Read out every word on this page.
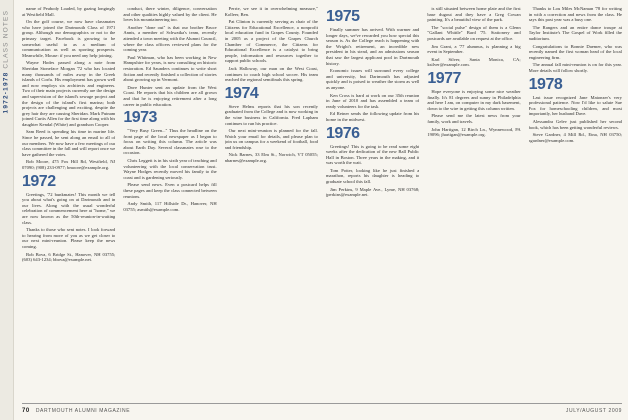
1972-1978 CLASS NOTES

name of Peabody Loaded, by gazing longingly at Westfield Mall.

On the golf course, we now have classmates who have joined the Dartmouth Class of 1971 group. Although our demographics or not to the primary target. Facebook is growing to be somewhat useful to as a medium of communication as well as sporting prospects. Meanwhile, Mouse: if you need any help joining.

Wayne Hodes passed along a note from Sheridan Stoneface Morgan '72 who has located many thousands of miles away in the Greek islands of Corfu. His employment has grown well and now employs six architects and engineers. Two of their main projects currently are the design and supervision of the island's sewage project and the design of the island's first marina; both projects are challenging and exciting, despite the grey hair they are causing Sheridan. Mark Putnam joined Curtis Allen for the first time along with his daughter Kendal (White) and grandson Cooper.

Sam Reed is spending his time in marine life. Since he passed, he sent along an email to all of our members. We now have a few meetings of our class committee in the fall and will report once we have gathered the votes.

Bob Moore, 475 Fox Hill Rd, Westfield, NJ 07090; (908) 233-0977; bmoore@example.org.

1972

Greetings, '72 bunkmates! This month we tell you about what's going on at Dartmouth and in our lives. Along with the usual wonderful celebration of commencement here at "home," we are now known as the 50th-reunion-in-waiting class.

Thanks to those who sent notes. I look forward to hearing from more of you as we get closer to our next mini-reunion. Please keep the news coming.

Bob Bova, 6 Bridge St., Hanover, NH 03755; (603) 643-1234; bbova@example.net.

conduct, there winter, diligence, conversation and other qualities highly valued by the client. He loves his mountaineering too.

Another "done out" is that our brother Bruce Annis, a member of Schwatka's team, recently attended a town meeting with the Alumni Council, where the class officers reviewed plans for the coming year.

Paul Whitman, who has been working in New Hampshire for years, is now consulting on historic restoration. Ed Saunders continues to write short fiction and recently finished a collection of stories about growing up in Vermont.

Dave Hunter sent an update from the West Coast. He reports that his children are all grown and that he is enjoying retirement after a long career in public education.

1973

"Very Busy Green..." Thus the headline on the front page of the local newspaper as I began to focus on writing this column. The article was about Earth Day. Several classmates rose to the occasion.

Chris Leggett is in his sixth year of teaching and volunteering with the local conservation trust. Wayne Hodges recently moved his family to the coast and is gardening seriously.

Please send news. Even a postcard helps fill these pages and keep the class connected between reunions.

Andy Smith, 117 Hillside Dr., Hanover, NH 03755; asmith@example.com.

Perrie, we see it in overwhelming measure," Kolleer, Ben.

Pat Clinton is currently serving as chair of the Citizens for Educational Excellence, a nonprofit local education fund in Grapes County. Founded in 2005 as a project of the Grapes Church Chamber of Commerce, the Citizens for Educational Excellence is a catalyst to bring people, information and resources together to support public schools.

Jack Halloway, our man on the West Coast, continues to coach high school soccer. His team reached the regional semifinals this spring.

1974

Steve Helms reports that his son recently graduated from the College and is now working in the wine business in California. Fred Lapham continues to run his practice.

Our next mini-reunion is planned for the fall. Watch your email for details, and please plan to join us on campus for a weekend of football, food and friendship.

Nick Barnes, 33 Elm St., Norwich, VT 05055; nbarnes@example.org.

1975

Finally summer has arrived. With warmer and longer days, we've rewarded you how special this season is. As the College reach is happening with the Wright's retirement, an incredible new president in his stead, and an admissions season that saw the largest applicant pool in Dartmouth history.

Economic issues will surround every college and university, but Dartmouth has adjusted quickly and is poised to weather the storm as well as anyone.

Ken Cross is hard at work on our 35th reunion in June of 2010 and has assembled a team of ready volunteers for the task.

Ed Reiner sends the following update from his home in the midwest.

1976

Greetings! This is going to be read some eight weeks after the dedication of the new Ball Public Hall in Boston. Three years in the making, and it was worth the wait.

Tom Potter, looking like he just finished a marathon, reports his daughter is heading to graduate school this fall.

Jim Perkins, 9 Maple Ave., Lyme, NH 03768; jperkins@example.net.

is still situated between home plate and the first base dugout and they have a Greg Cowan painting. It's a beautiful view of the park.

The "social pulse" design of them is a Glenn "Gallant Whittle" Bard '75. Stationery and postcards are available on request at the office.

Jim Grant, a '77 alumnus, is planning a big event in September.

Karl Silver, Santa Monica, CA; ksilver@example.com.

1977

Hope everyone is enjoying some nice weather finally. It's 81 degrees and sunny in Philadelphia and here I am, on computer in my dark basement, down to the wire in getting this column written.

Please send me the latest news from your family, work and travels.

John Hartigan, 12 Birch Ln., Wynnewood, PA 19096; jhartigan@example.org.

Thanks to Lou Miles McNaman '78 for writing in with a correction and news from the class. He says this past year was a busy one.

The Rangers and an entire dance troupe at Taylor Institute's The Gospel of Work filled the auditorium.

Congratulations to Bonnie Daemer, who was recently named the first woman head of the local engineering firm.

The annual fall mini-reunion is on for this year. More details will follow shortly.

1978

Last issue recognized Jane Matonzer's very professional patience. Now I'd like to salute Sue Fox for homeschooling children, and most importantly, her husband Dave.

Alessandra Gelev just published her second book, which has been getting wonderful reviews.

Steve Gardner, 4 Mill Rd., Etna, NH 03750; sgardner@example.com.

70 DARTMOUTH ALUMNI MAGAZINE	JULY/AUGUST 2009
